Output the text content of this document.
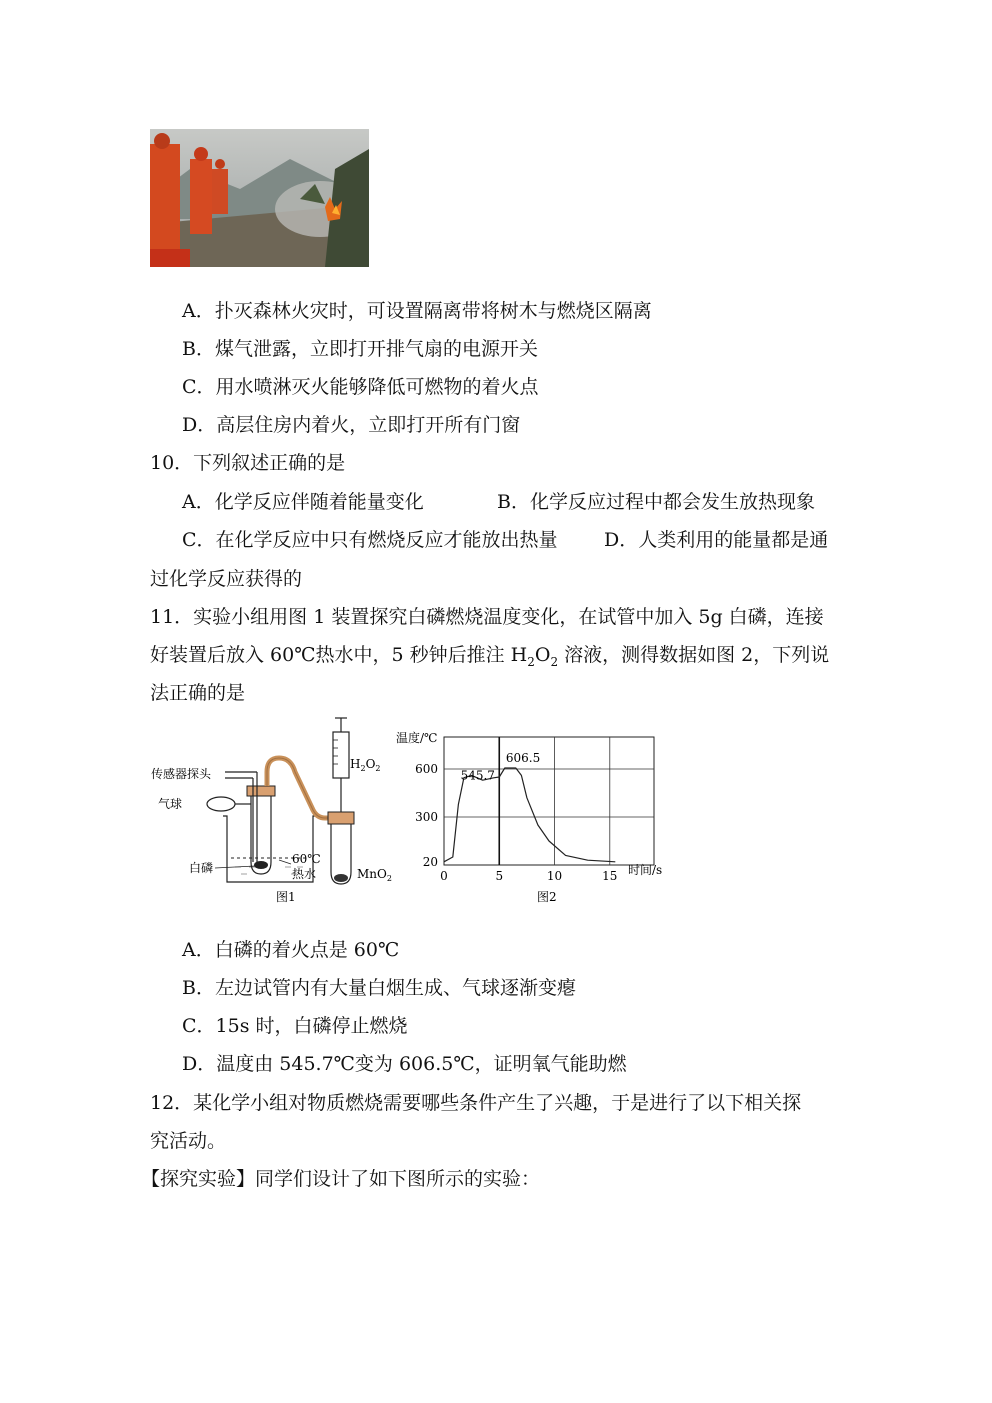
A．扑灭森林火灾时，可设置隔离带将树木与燃烧区隔离
B．煤气泄露，立即打开排气扇的电源开关
C．用水喷淋灭火能够降低可燃物的着火点
D．高层住房内着火，立即打开所有门窗
10．下列叙述正确的是
A．化学反应伴随着能量变化	B．化学反应过程中都会发生放热现象
C．在化学反应中只有燃烧反应才能放出热量 D．人类利用的能量都是通
过化学反应获得的
11．实验小组用图 1 装置探究白磷燃烧温度变化，在试管中加入 5g 白磷，连接
好装置后放入 60℃热水中，5 秒钟后推注 $H_2O_2$ 溶液，测得数据如图 2，下列说
法正确的是
传感器探头
气球
白磷
60℃
热水
$H_2O_2$
MnO$_2$
图1
0	5	10	15
20
300
600 545.7
606.5
温度/℃
时间/s
图2
A．白磷的着火点是 60℃
B．左边试管内有大量白烟生成、气球逐渐变瘪
C．15s 时，白磷停止燃烧
D．温度由 545.7℃变为 606.5℃，证明氧气能助燃
12．某化学小组对物质燃烧需要哪些条件产生了兴趣，于是进行了以下相关探
究活动。
【探究实验】同学们设计了如下图所示的实验：
